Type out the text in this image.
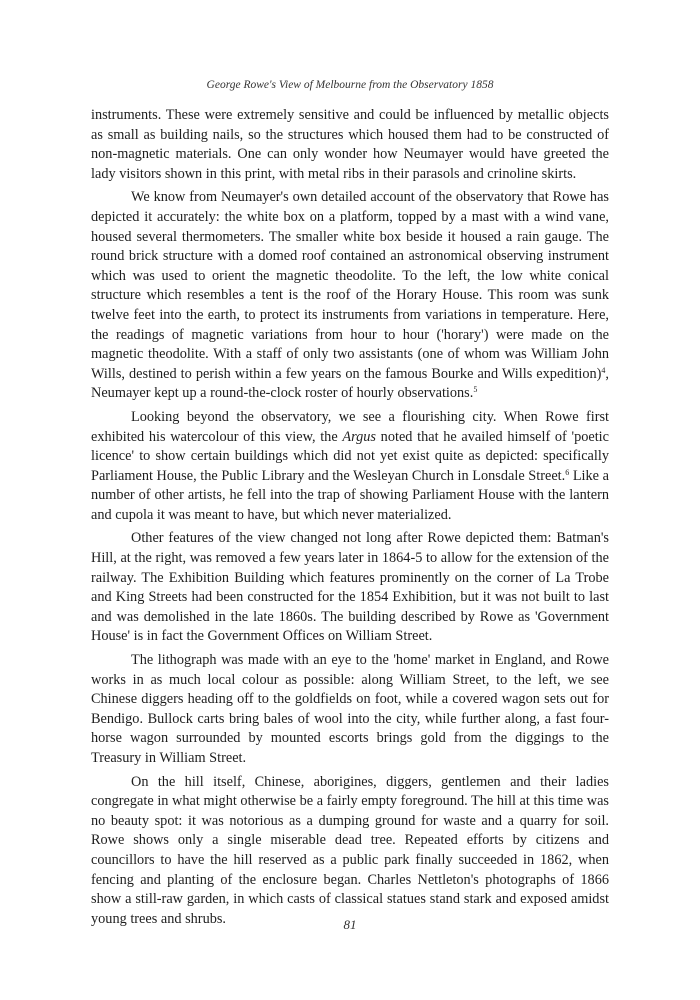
George Rowe's View of Melbourne from the Observatory 1858

instruments. These were extremely sensitive and could be influenced by metallic objects as small as building nails, so the structures which housed them had to be constructed of non-magnetic materials. One can only wonder how Neumayer would have greeted the lady visitors shown in this print, with metal ribs in their parasols and crinoline skirts.

We know from Neumayer's own detailed account of the observatory that Rowe has depicted it accurately: the white box on a platform, topped by a mast with a wind vane, housed several thermometers. The smaller white box beside it housed a rain gauge. The round brick structure with a domed roof contained an astronomical observing instrument which was used to orient the magnetic theodolite. To the left, the low white conical structure which resembles a tent is the roof of the Horary House. This room was sunk twelve feet into the earth, to protect its instruments from variations in temperature. Here, the readings of magnetic variations from hour to hour ('horary') were made on the magnetic theodolite. With a staff of only two assistants (one of whom was William John Wills, destined to perish within a few years on the famous Bourke and Wills expedition)$^4$, Neumayer kept up a round-the-clock roster of hourly observations.$^5$

Looking beyond the observatory, we see a flourishing city. When Rowe first exhibited his watercolour of this view, the Argus noted that he availed himself of 'poetic licence' to show certain buildings which did not yet exist quite as depicted: specifically Parliament House, the Public Library and the Wesleyan Church in Lonsdale Street.$^6$ Like a number of other artists, he fell into the trap of showing Parliament House with the lantern and cupola it was meant to have, but which never materialized.

Other features of the view changed not long after Rowe depicted them: Batman's Hill, at the right, was removed a few years later in 1864-5 to allow for the extension of the railway. The Exhibition Building which features prominently on the corner of La Trobe and King Streets had been constructed for the 1854 Exhibition, but it was not built to last and was demolished in the late 1860s. The building described by Rowe as 'Government House' is in fact the Government Offices on William Street.

The lithograph was made with an eye to the 'home' market in England, and Rowe works in as much local colour as possible: along William Street, to the left, we see Chinese diggers heading off to the goldfields on foot, while a covered wagon sets out for Bendigo. Bullock carts bring bales of wool into the city, while further along, a fast four-horse wagon surrounded by mounted escorts brings gold from the diggings to the Treasury in William Street.

On the hill itself, Chinese, aborigines, diggers, gentlemen and their ladies congregate in what might otherwise be a fairly empty foreground. The hill at this time was no beauty spot: it was notorious as a dumping ground for waste and a quarry for soil. Rowe shows only a single miserable dead tree. Repeated efforts by citizens and councillors to have the hill reserved as a public park finally succeeded in 1862, when fencing and planting of the enclosure began. Charles Nettleton's photographs of 1866 show a still-raw garden, in which casts of classical statues stand stark and exposed amidst young trees and shrubs.	81
